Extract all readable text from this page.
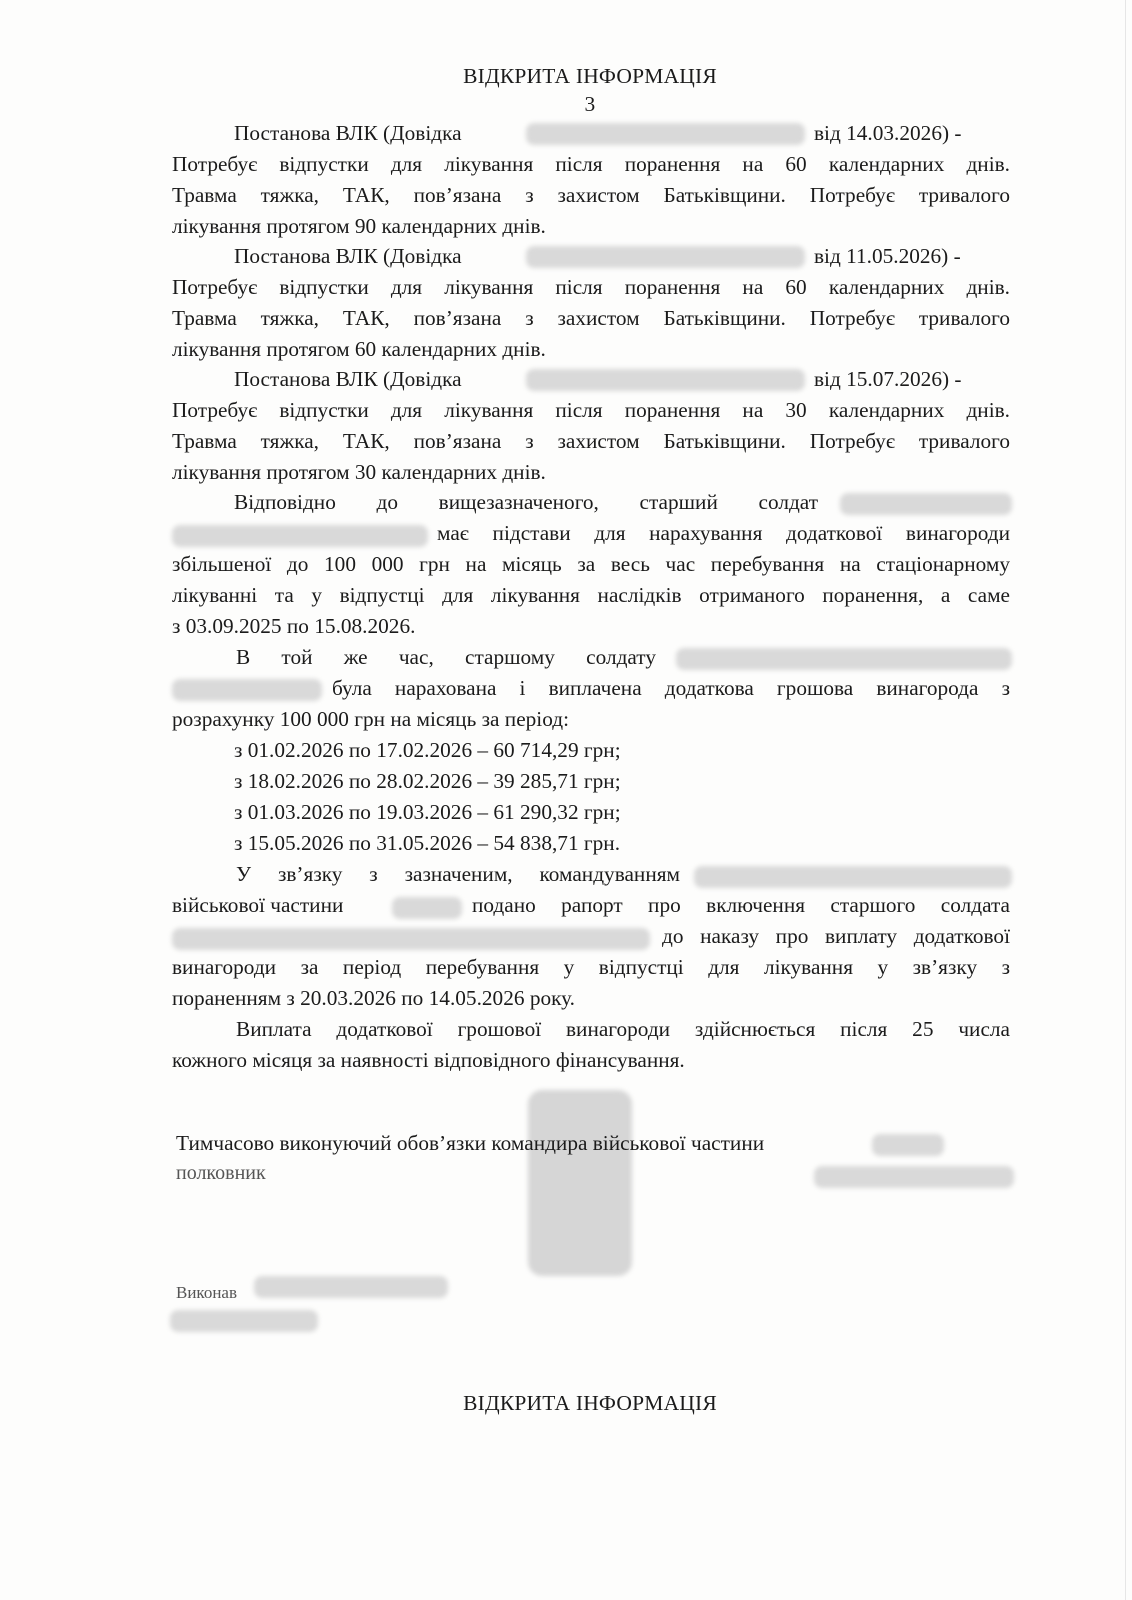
ВІДКРИТА ІНФОРМАЦІЯ
3
Постанова ВЛК (Довідка	від 14.03.2026) -
Потребує відпустки для лікування після поранення на 60 календарних днів.
Травма тяжка, ТАК, пов’язана з захистом Батьківщини. Потребує тривалого
лікування протягом 90 календарних днів.
Постанова ВЛК (Довідка	від 11.05.2026) -
Потребує відпустки для лікування після поранення на 60 календарних днів.
Травма тяжка, ТАК, пов’язана з захистом Батьківщини. Потребує тривалого
лікування протягом 60 календарних днів.
Постанова ВЛК (Довідка	від 15.07.2026) -
Потребує відпустки для лікування після поранення на 30 календарних днів.
Травма тяжка, ТАК, пов’язана з захистом Батьківщини. Потребує тривалого
лікування протягом 30 календарних днів.
Відповідно до вищезазначеного, старший солдат
має підстави для нарахування додаткової винагороди
збільшеної до 100 000 грн на місяць за весь час перебування на стаціонарному
лікуванні та у відпустці для лікування наслідків отриманого поранення, а саме
з 03.09.2025 по 15.08.2026.
В той же час, старшому солдату
була нарахована і виплачена додаткова грошова винагорода з
розрахунку 100 000 грн на місяць за період:
з 01.02.2026 по 17.02.2026 – 60 714,29 грн;
з 18.02.2026 по 28.02.2026 – 39 285,71 грн;
з 01.03.2026 по 19.03.2026 – 61 290,32 грн;
з 15.05.2026 по 31.05.2026 – 54 838,71 грн.
У зв’язку з зазначеним, командуванням
військової частини	подано рапорт про включення старшого солдата
до наказу про виплату додаткової
винагороди за період перебування у відпустці для лікування у зв’язку з
пораненням з 20.03.2026 по 14.05.2026 року.
Виплата додаткової грошової винагороди здійснюється після 25 числа
кожного місяця за наявності відповідного фінансування.
Тимчасово виконуючий обов’язки командира військової частини
полковник
Виконав
ВІДКРИТА ІНФОРМАЦІЯ
